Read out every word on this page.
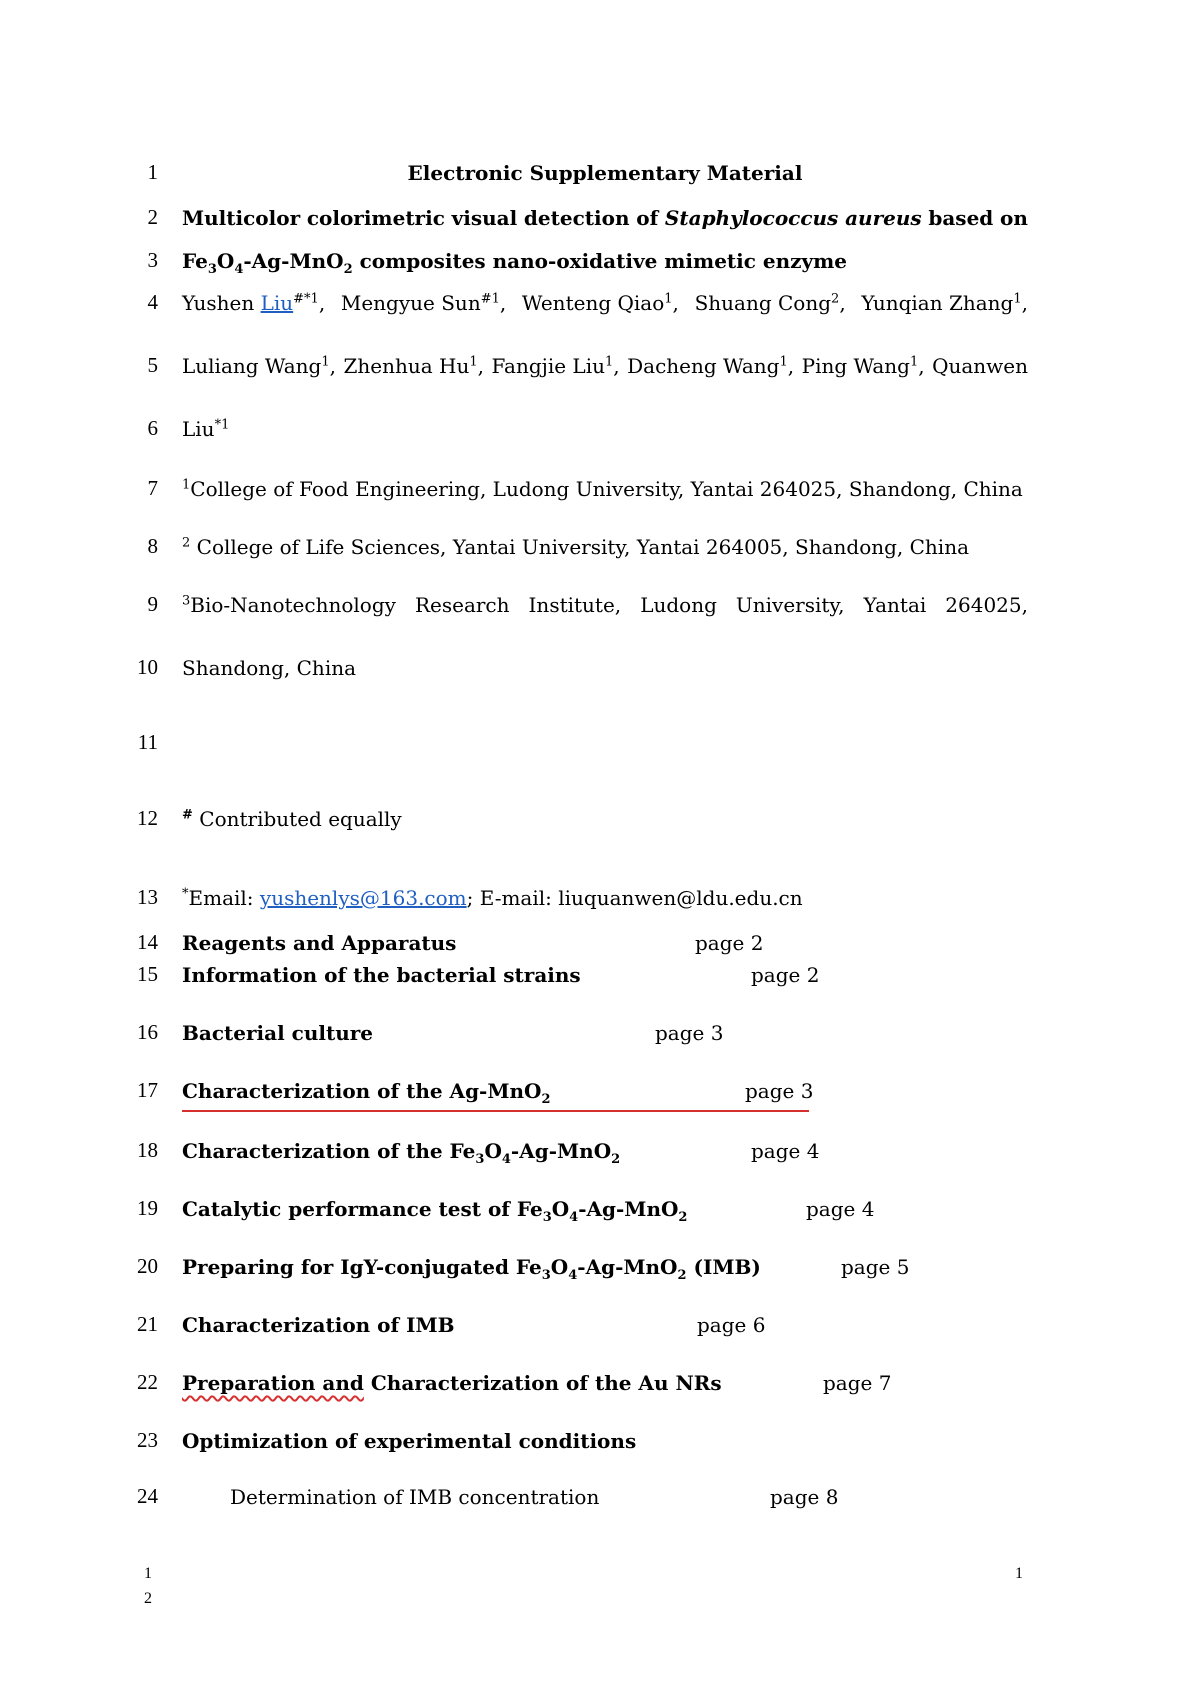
1	Electronic Supplementary Material
2 Multicolor colorimetric visual detection of Staphylococcus aureus based on
3 $Fe_3O_4-Ag-MnO_2$ composites nano-oxidative mimetic enzyme
4 Yushen Liu$^{\#*1}$, Mengyue Sun$^{\#1}$, Wenteng Qiao$^1$, Shuang Cong$^2$, Yunqian Zhang$^1$,
5 Luliang Wang$^1$, Zhenhua Hu$^1$, Fangjie Liu$^1$, Dacheng Wang$^1$, Ping Wang$^1$, Quanwen
6 Liu$^{*1}$
7 $^1$College of Food Engineering, Ludong University, Yantai 264025, Shandong, China
8 $^2$ College of Life Sciences, Yantai University, Yantai 264005, Shandong, China
9 $^3$Bio-Nanotechnology Research Institute, Ludong University, Yantai 264025,
10 Shandong, China
11
12 # Contributed equally
13 *Email: yushenlys@163.com; E-mail: liuquanwen@ldu.edu.cn
14 Reagents and Apparatus	page 2
15 Information of the bacterial strains	page 2
16 Bacterial culture	page 3
17 Characterization of the Ag-MnO$_2$	page 3
18 Characterization of the $Fe_3O_4-Ag-MnO_2$	page 4
19 Catalytic performance test of $Fe_3O_4-Ag-MnO_2$	page 4
20 Preparing for IgY-conjugated $Fe_3O_4-Ag-MnO_2$ (IMB)	page 5
21 Characterization of IMB	page 6
22 Preparation and Characterization of the Au NRs	page 7
23 Optimization of experimental conditions
24	Determination of IMB concentration	page 8
1
2
1
